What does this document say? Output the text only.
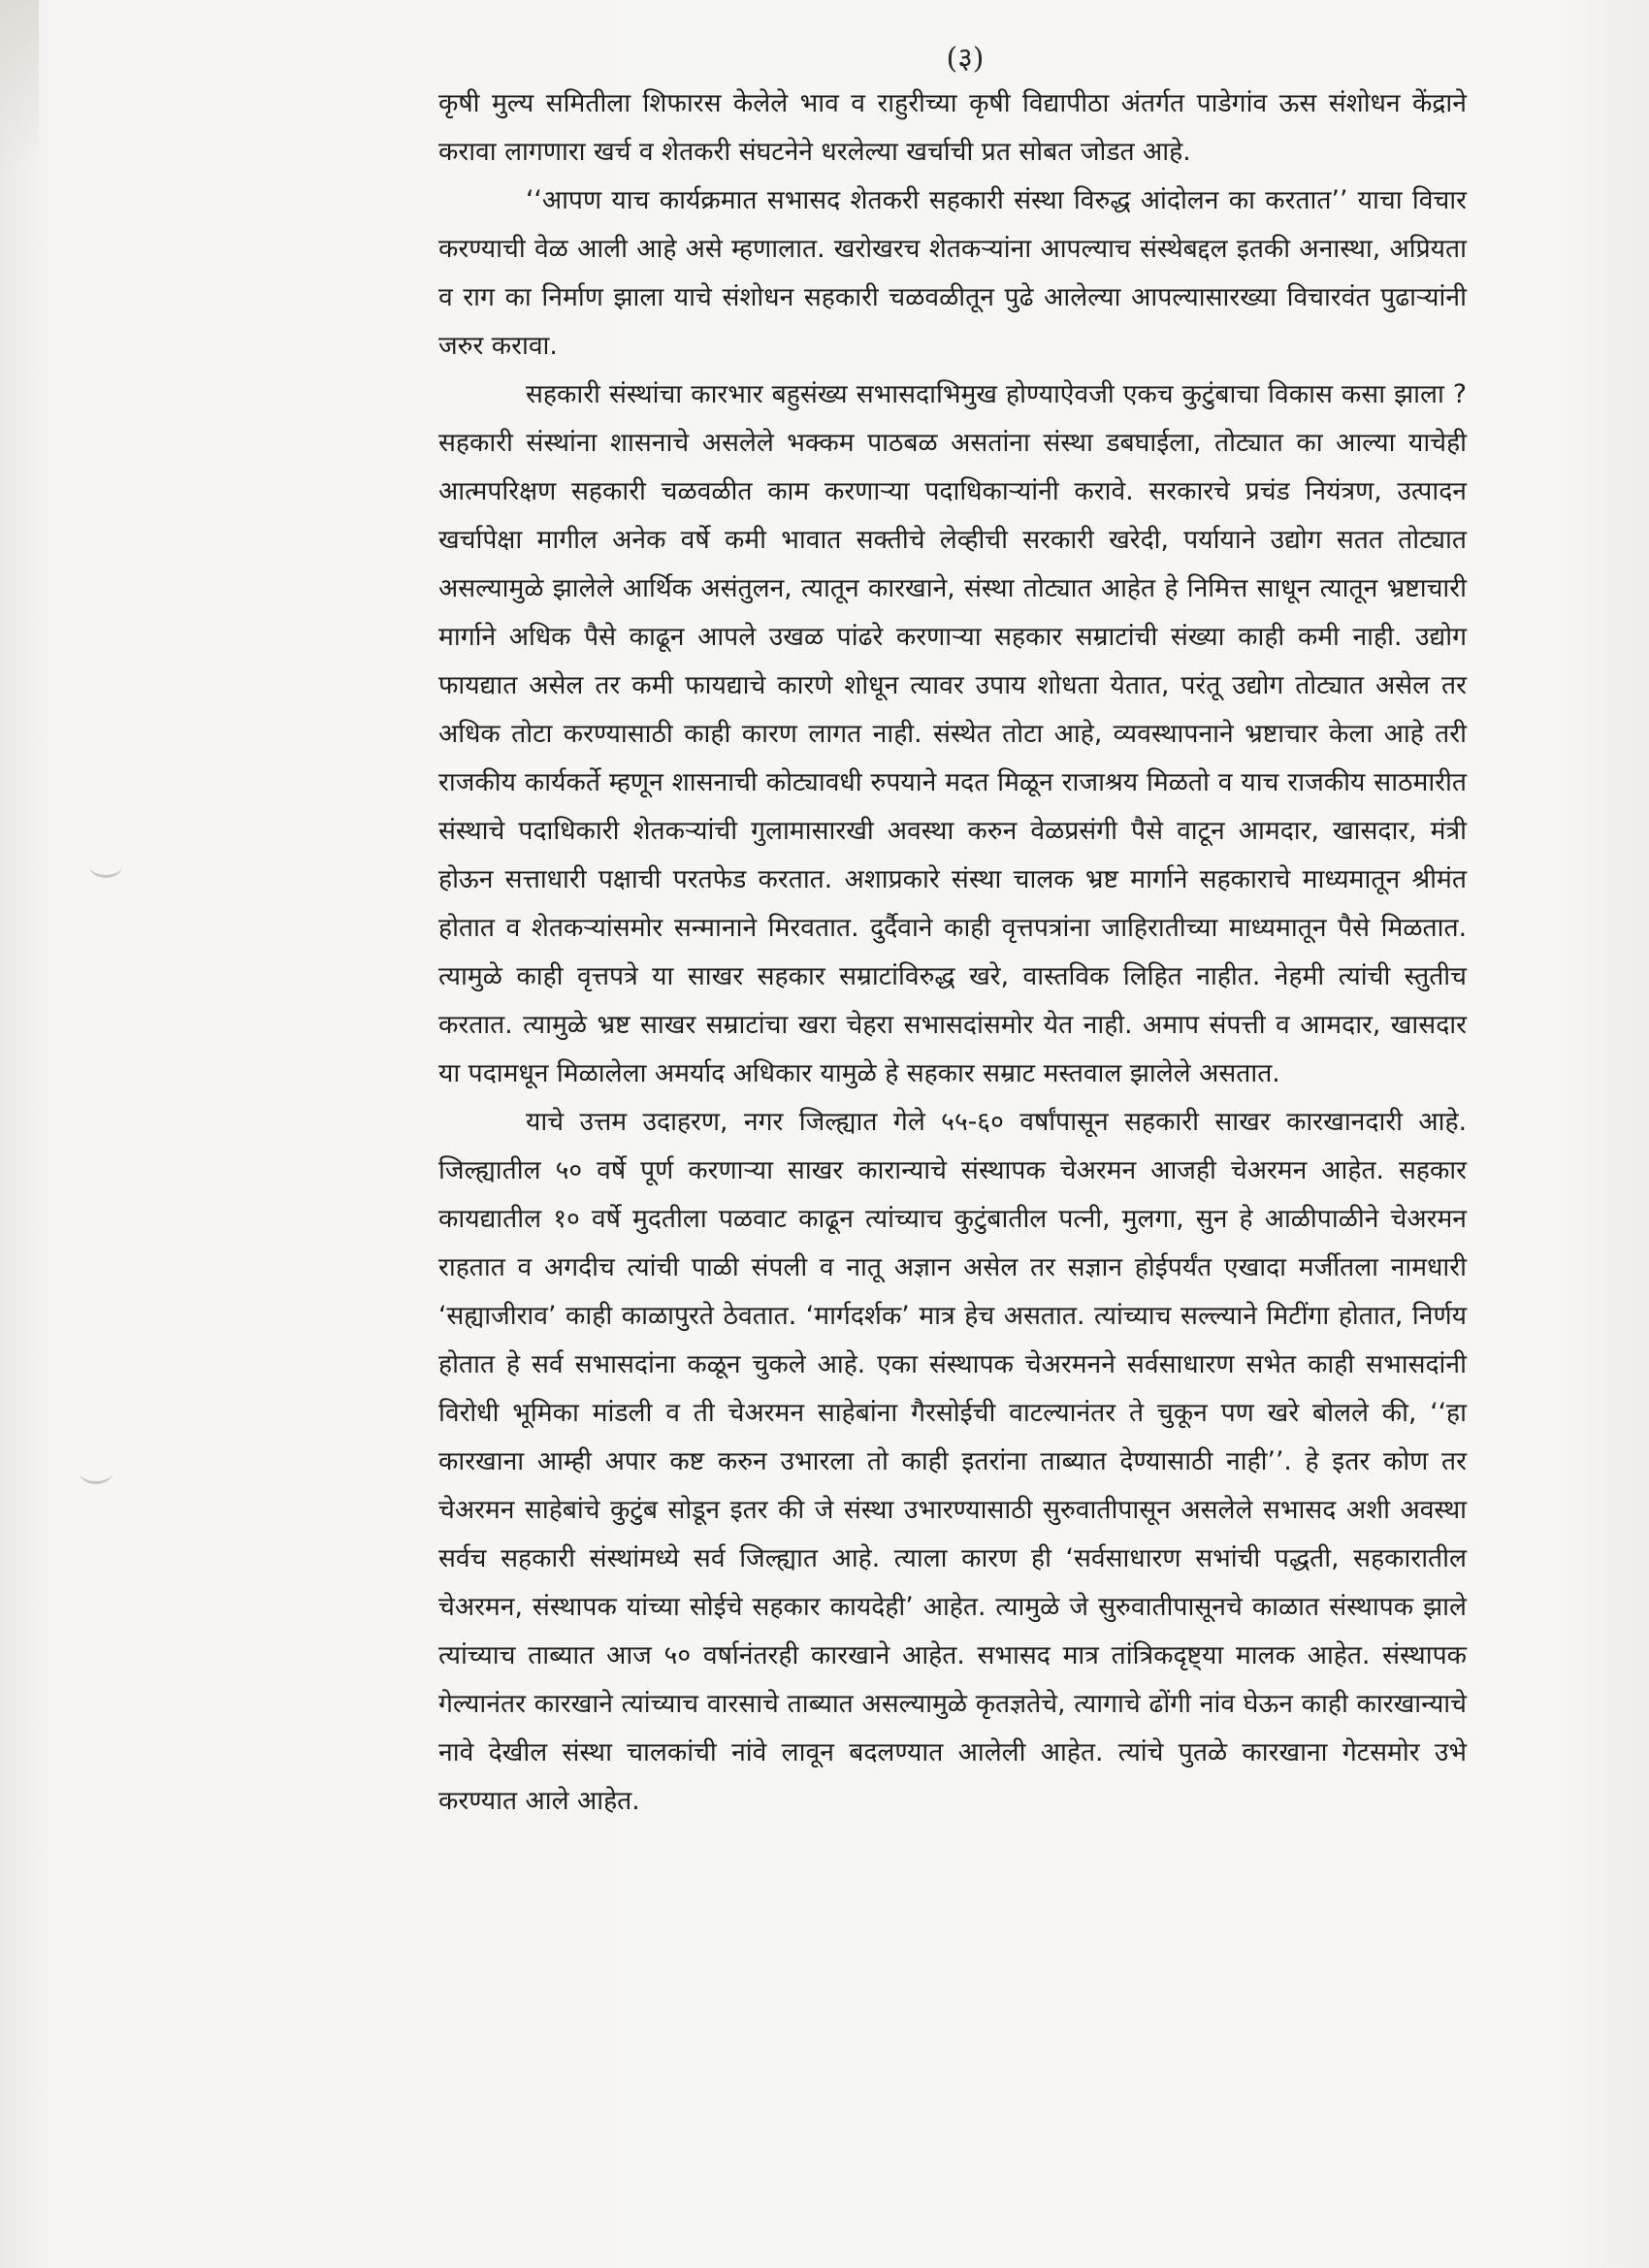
(३)

कृषी मुल्य समितीला शिफारस केलेले भाव व राहुरीच्या कृषी विद्यापीठा अंतर्गत पाडेगांव ऊस संशोधन केंद्राने करावा लागणारा खर्च व शेतकरी संघटनेने धरलेल्या खर्चाची प्रत सोबत जोडत आहे.

‘‘आपण याच कार्यक्रमात सभासद शेतकरी सहकारी संस्था विरुद्ध आंदोलन का करतात’’ याचा विचार करण्याची वेळ आली आहे असे म्हणालात. खरोखरच शेतकऱ्यांना आपल्याच संस्थेबद्दल इतकी अनास्था, अप्रियता व राग का निर्माण झाला याचे संशोधन सहकारी चळवळीतून पुढे आलेल्या आपल्यासारख्या विचारवंत पुढाऱ्यांनी जरुर करावा.

सहकारी संस्थांचा कारभार बहुसंख्य सभासदाभिमुख होण्याऐवजी एकच कुटुंबाचा विकास कसा झाला ? सहकारी संस्थांना शासनाचे असलेले भक्कम पाठबळ असतांना संस्था डबघाईला, तोट्यात का आल्या याचेही आत्मपरिक्षण सहकारी चळवळीत काम करणाऱ्या पदाधिकाऱ्यांनी करावे. सरकारचे प्रचंड नियंत्रण, उत्पादन खर्चापेक्षा मागील अनेक वर्षे कमी भावात सक्तीचे लेव्हीची सरकारी खरेदी, पर्यायाने उद्योग सतत तोट्यात असल्यामुळे झालेले आर्थिक असंतुलन, त्यातून कारखाने, संस्था तोट्यात आहेत हे निमित्त साधून त्यातून भ्रष्टाचारी मार्गाने अधिक पैसे काढून आपले उखळ पांढरे करणाऱ्या सहकार सम्राटांची संख्या काही कमी नाही. उद्योग फायद्यात असेल तर कमी फायद्याचे कारणे शोधून त्यावर उपाय शोधता येतात, परंतू उद्योग तोट्यात असेल तर अधिक तोटा करण्यासाठी काही कारण लागत नाही. संस्थेत तोटा आहे, व्यवस्थापनाने भ्रष्टाचार केला आहे तरी राजकीय कार्यकर्ते म्हणून शासनाची कोट्यावधी रुपयाने मदत मिळून राजाश्रय मिळतो व याच राजकीय साठमारीत संस्थाचे पदाधिकारी शेतकऱ्यांची गुलामासारखी अवस्था करुन वेळप्रसंगी पैसे वाटून आमदार, खासदार, मंत्री होऊन सत्ताधारी पक्षाची परतफेड करतात. अशाप्रकारे संस्था चालक भ्रष्ट मार्गाने सहकाराचे माध्यमातून श्रीमंत होतात व शेतकऱ्यांसमोर सन्मानाने मिरवतात. दुर्दैवाने काही वृत्तपत्रांना जाहिरातीच्या माध्यमातून पैसे मिळतात. त्यामुळे काही वृत्तपत्रे या साखर सहकार सम्राटांविरुद्ध खरे, वास्तविक लिहित नाहीत. नेहमी त्यांची स्तुतीच करतात. त्यामुळे भ्रष्ट साखर सम्राटांचा खरा चेहरा सभासदांसमोर येत नाही. अमाप संपत्ती व आमदार, खासदार या पदामधून मिळालेला अमर्याद अधिकार यामुळे हे सहकार सम्राट मस्तवाल झालेले असतात.

याचे उत्तम उदाहरण, नगर जिल्ह्यात गेले ५५-६० वर्षांपासून सहकारी साखर कारखानदारी आहे. जिल्ह्यातील ५० वर्षे पूर्ण करणाऱ्या साखर कारान्याचे संस्थापक चेअरमन आजही चेअरमन आहेत. सहकार कायद्यातील १० वर्षे मुदतीला पळवाट काढून त्यांच्याच कुटुंबातील पत्नी, मुलगा, सुन हे आळीपाळीने चेअरमन राहतात व अगदीच त्यांची पाळी संपली व नातू अज्ञान असेल तर सज्ञान होईपर्यंत एखादा मर्जीतला नामधारी ‘सह्याजीराव’ काही काळापुरते ठेवतात. ‘मार्गदर्शक’ मात्र हेच असतात. त्यांच्याच सल्ल्याने मिटींगा होतात, निर्णय होतात हे सर्व सभासदांना कळून चुकले आहे. एका संस्थापक चेअरमनने सर्वसाधारण सभेत काही सभासदांनी विरोधी भूमिका मांडली व ती चेअरमन साहेबांना गैरसोईची वाटल्यानंतर ते चुकून पण खरे बोलले की, ‘‘हा कारखाना आम्ही अपार कष्ट करुन उभारला तो काही इतरांना ताब्यात देण्यासाठी नाही’’. हे इतर कोण तर चेअरमन साहेबांचे कुटुंब सोडून इतर की जे संस्था उभारण्यासाठी सुरुवातीपासून असलेले सभासद अशी अवस्था सर्वच सहकारी संस्थांमध्ये सर्व जिल्ह्यात आहे. त्याला कारण ही ‘सर्वसाधारण सभांची पद्धती, सहकारातील चेअरमन, संस्थापक यांच्या सोईचे सहकार कायदेही’ आहेत. त्यामुळे जे सुरुवातीपासूनचे काळात संस्थापक झाले त्यांच्याच ताब्यात आज ५० वर्षानंतरही कारखाने आहेत. सभासद मात्र तांत्रिकदृष्ट्या मालक आहेत. संस्थापक गेल्यानंतर कारखाने त्यांच्याच वारसाचे ताब्यात असल्यामुळे कृतज्ञतेचे, त्यागाचे ढोंगी नांव घेऊन काही कारखान्याचे नावे देखील संस्था चालकांची नांवे लावून बदलण्यात आलेली आहेत. त्यांचे पुतळे कारखाना गेटसमोर उभे करण्यात आले आहेत.
